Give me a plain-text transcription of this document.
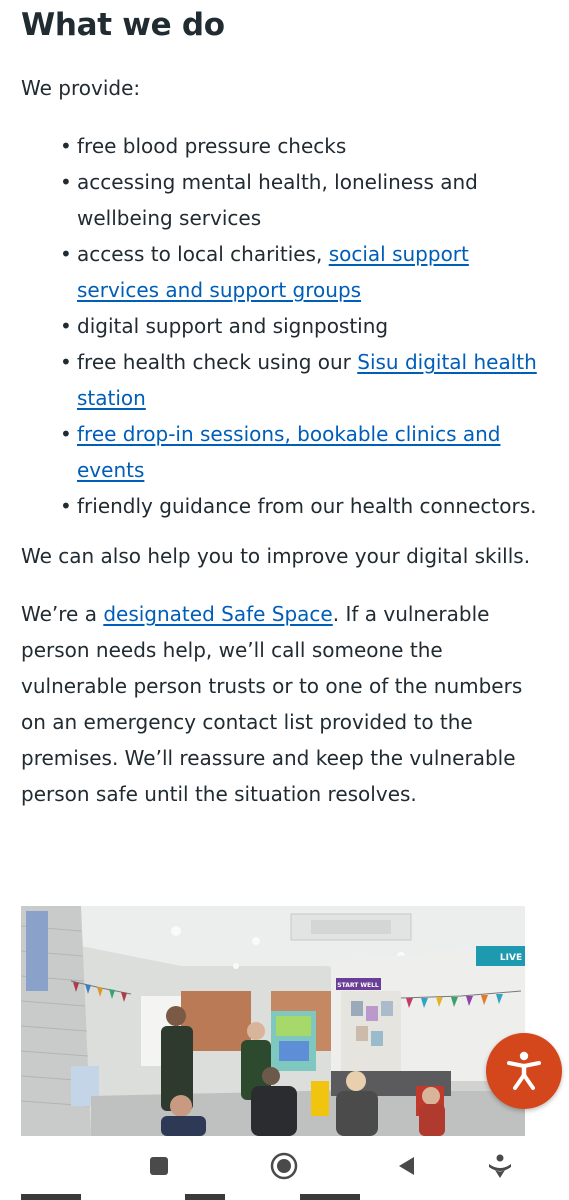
What we do

We provide:

• free blood pressure checks
• accessing mental health, loneliness and wellbeing services
• access to local charities, social support services and support groups
• digital support and signposting
• free health check using our Sisu digital health station
• free drop-in sessions, bookable clinics and events
• friendly guidance from our health connectors.

We can also help you to improve your digital skills.

We’re a designated Safe Space. If a vulnerable person needs help, we’ll call someone the vulnerable person trusts or to one of the numbers on an emergency contact list provided to the premises. We’ll reassure and keep the vulnerable person safe until the situation resolves.

START WELL
LIVE
